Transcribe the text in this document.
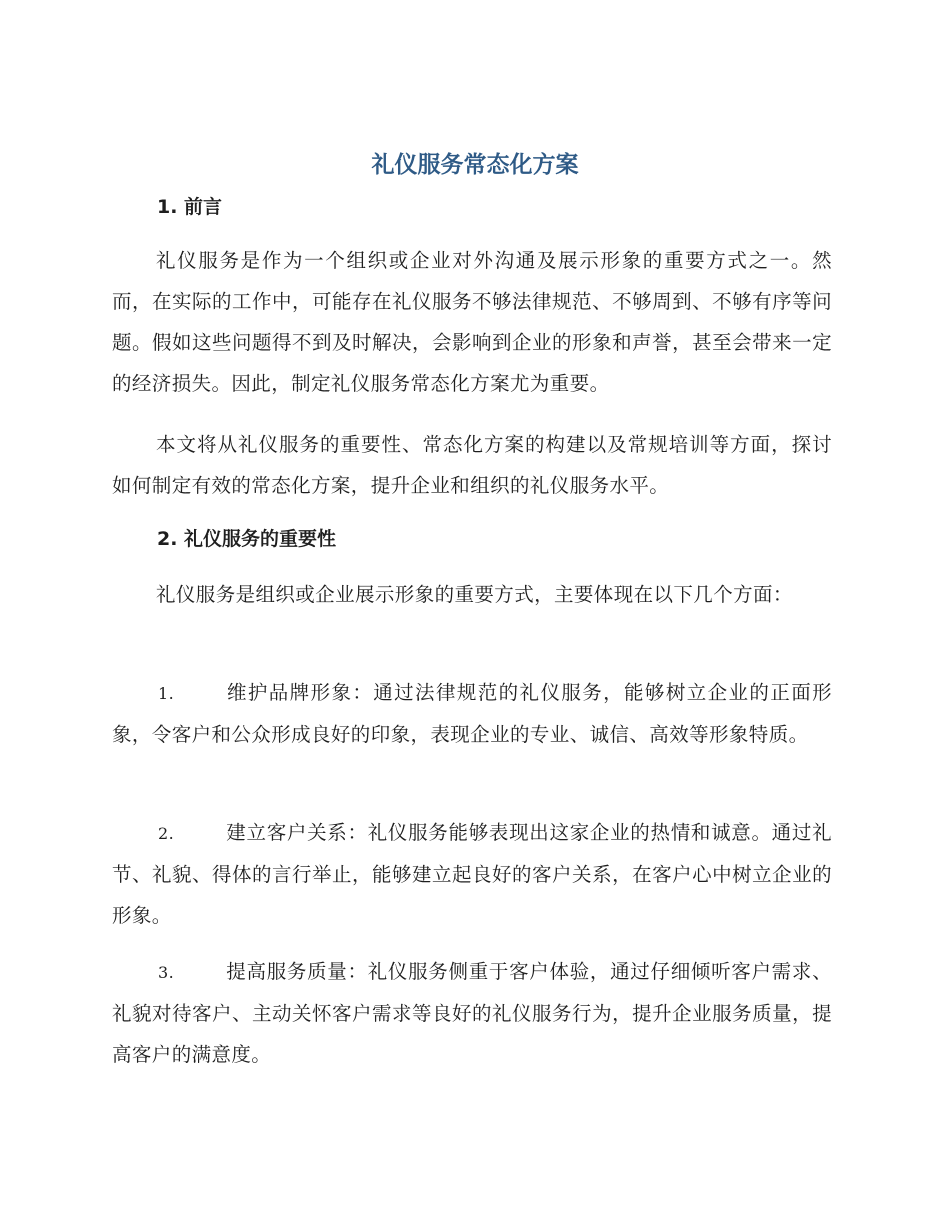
礼仪服务常态化方案
1. 前言
礼仪服务是作为一个组织或企业对外沟通及展示形象的重要方式之一。然而，在实际的工作中，可能存在礼仪服务不够法律规范、不够周到、不够有序等问题。假如这些问题得不到及时解决，会影响到企业的形象和声誉，甚至会带来一定的经济损失。因此，制定礼仪服务常态化方案尤为重要。
本文将从礼仪服务的重要性、常态化方案的构建以及常规培训等方面，探讨如何制定有效的常态化方案，提升企业和组织的礼仪服务水平。
2. 礼仪服务的重要性
礼仪服务是组织或企业展示形象的重要方式，主要体现在以下几个方面：
1.	维护品牌形象：通过法律规范的礼仪服务，能够树立企业的正面形象，令客户和公众形成良好的印象，表现企业的专业、诚信、高效等形象特质。
2.	建立客户关系：礼仪服务能够表现出这家企业的热情和诚意。通过礼节、礼貌、得体的言行举止，能够建立起良好的客户关系，在客户心中树立企业的形象。
3.	提高服务质量：礼仪服务侧重于客户体验，通过仔细倾听客户需求、礼貌对待客户、主动关怀客户需求等良好的礼仪服务行为，提升企业服务质量，提高客户的满意度。
